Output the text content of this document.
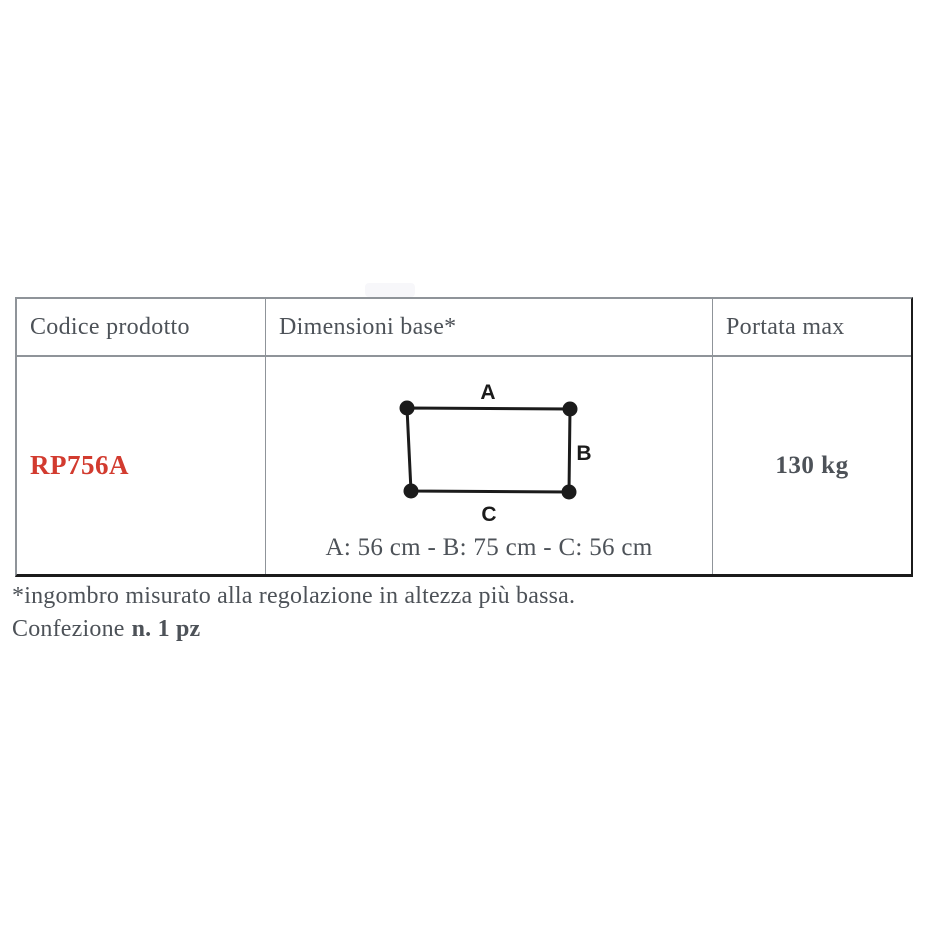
Codice prodotto	Dimensioni base*	Portata max
RP756A
A
B
C
A: 56 cm - B: 75 cm - C: 56 cm
130 kg
*ingombro misurato alla regolazione in altezza più bassa.
Confezione n. 1 pz
